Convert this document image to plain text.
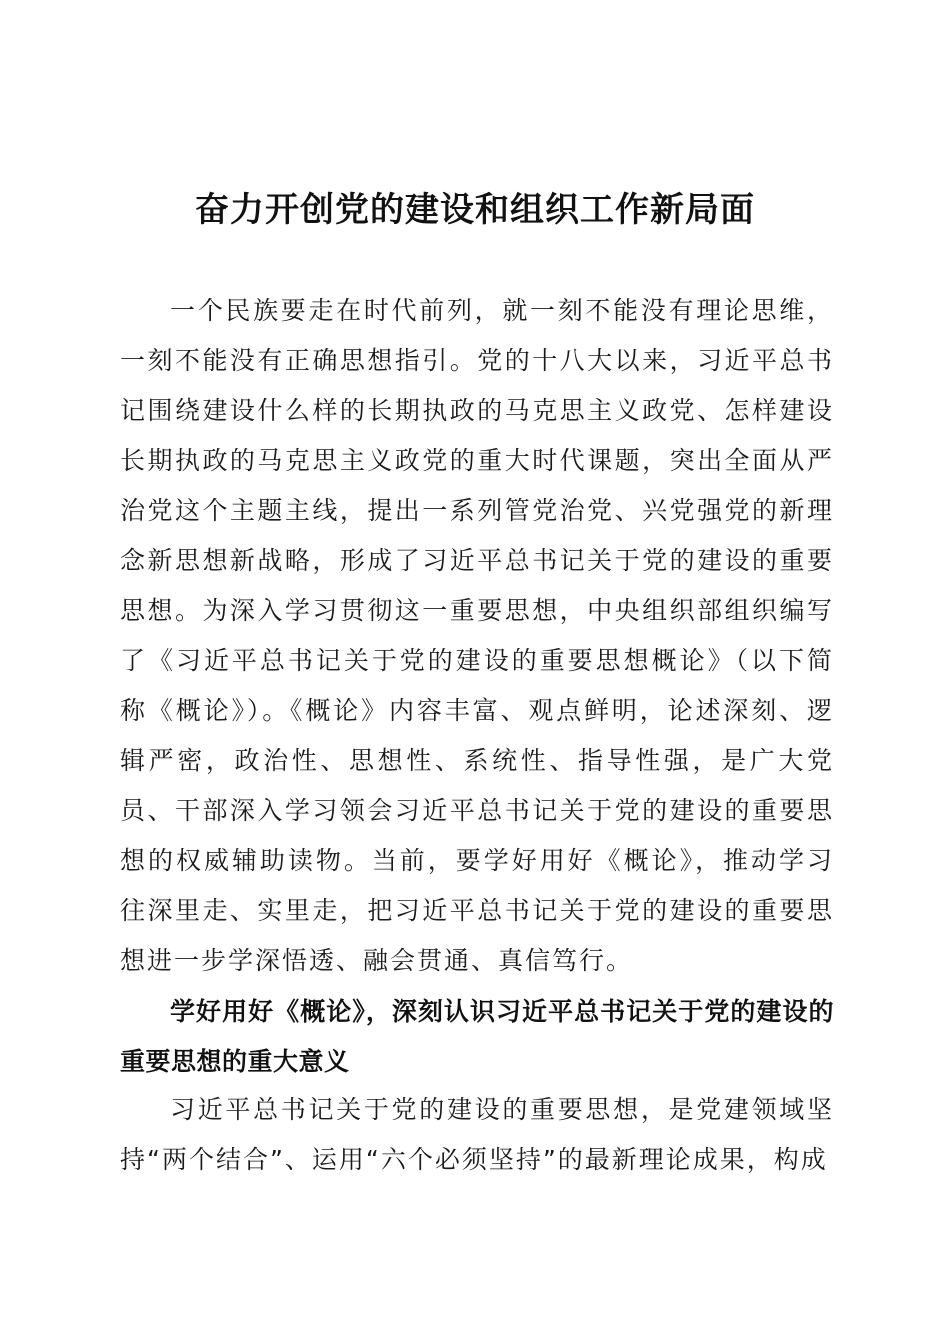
奋力开创党的建设和组织工作新局面

一个民族要走在时代前列，就一刻不能没有理论思维，一刻不能没有正确思想指引。党的十八大以来，习近平总书记围绕建设什么样的长期执政的马克思主义政党、怎样建设长期执政的马克思主义政党的重大时代课题，突出全面从严治党这个主题主线，提出一系列管党治党、兴党强党的新理念新思想新战略，形成了习近平总书记关于党的建设的重要思想。为深入学习贯彻这一重要思想，中央组织部组织编写了《习近平总书记关于党的建设的重要思想概论》（以下简称《概论》）。《概论》内容丰富、观点鲜明，论述深刻、逻辑严密，政治性、思想性、系统性、指导性强，是广大党员、干部深入学习领会习近平总书记关于党的建设的重要思想的权威辅助读物。当前，要学好用好《概论》，推动学习往深里走、实里走，把习近平总书记关于党的建设的重要思想进一步学深悟透、融会贯通、真信笃行。

学好用好《概论》，深刻认识习近平总书记关于党的建设的重要思想的重大意义

习近平总书记关于党的建设的重要思想，是党建领域坚持“两个结合”、运用“六个必须坚持”的最新理论成果，构成
